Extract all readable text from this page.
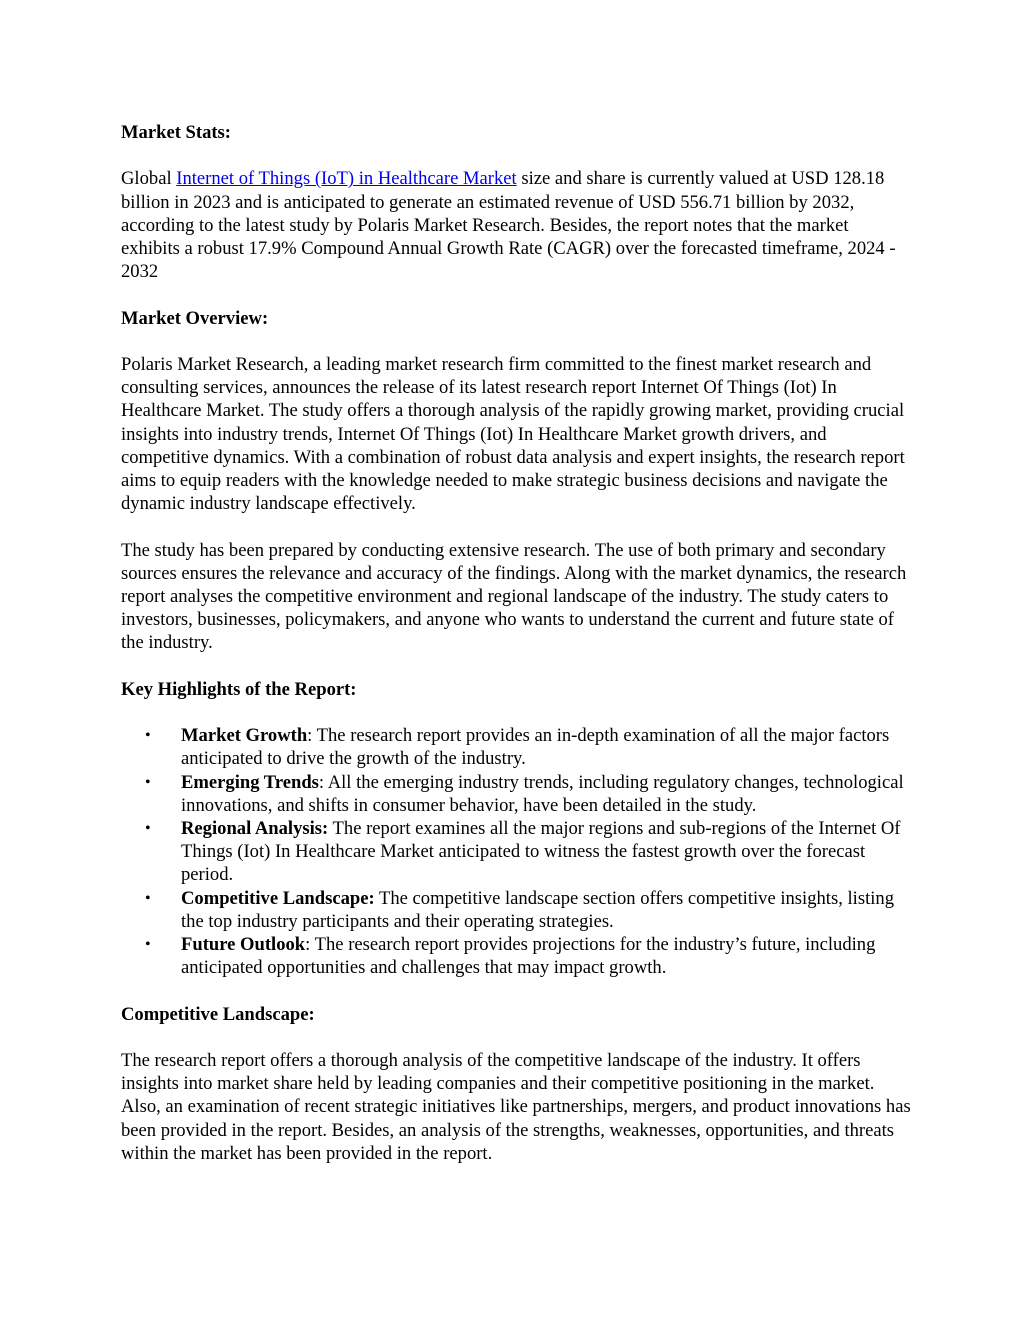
Market Stats:

Global Internet of Things (IoT) in Healthcare Market size and share is currently valued at USD 128.18 billion in 2023 and is anticipated to generate an estimated revenue of USD 556.71 billion by 2032, according to the latest study by Polaris Market Research. Besides, the report notes that the market exhibits a robust 17.9% Compound Annual Growth Rate (CAGR) over the forecasted timeframe, 2024 - 2032

Market Overview:

Polaris Market Research, a leading market research firm committed to the finest market research and consulting services, announces the release of its latest research report Internet Of Things (Iot) In Healthcare Market. The study offers a thorough analysis of the rapidly growing market, providing crucial insights into industry trends, Internet Of Things (Iot) In Healthcare Market growth drivers, and competitive dynamics. With a combination of robust data analysis and expert insights, the research report aims to equip readers with the knowledge needed to make strategic business decisions and navigate the dynamic industry landscape effectively.

The study has been prepared by conducting extensive research. The use of both primary and secondary sources ensures the relevance and accuracy of the findings. Along with the market dynamics, the research report analyses the competitive environment and regional landscape of the industry. The study caters to investors, businesses, policymakers, and anyone who wants to understand the current and future state of the industry.

Key Highlights of the Report:

• Market Growth: The research report provides an in-depth examination of all the major factors anticipated to drive the growth of the industry.
• Emerging Trends: All the emerging industry trends, including regulatory changes, technological innovations, and shifts in consumer behavior, have been detailed in the study.
• Regional Analysis: The report examines all the major regions and sub-regions of the Internet Of Things (Iot) In Healthcare Market anticipated to witness the fastest growth over the forecast period.
• Competitive Landscape: The competitive landscape section offers competitive insights, listing the top industry participants and their operating strategies.
• Future Outlook: The research report provides projections for the industry’s future, including anticipated opportunities and challenges that may impact growth.

Competitive Landscape:

The research report offers a thorough analysis of the competitive landscape of the industry. It offers insights into market share held by leading companies and their competitive positioning in the market. Also, an examination of recent strategic initiatives like partnerships, mergers, and product innovations has been provided in the report. Besides, an analysis of the strengths, weaknesses, opportunities, and threats within the market has been provided in the report.
